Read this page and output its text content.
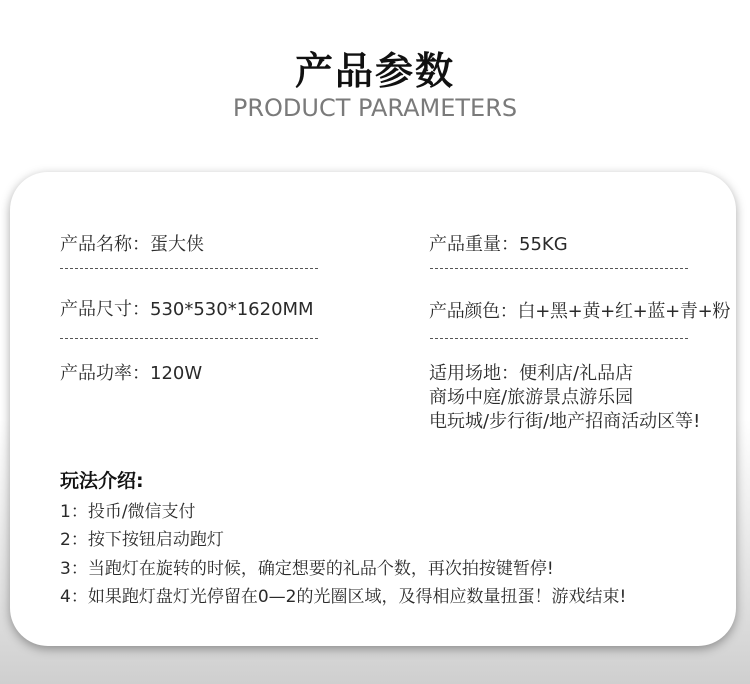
产品参数
PRODUCT PARAMETERS
产品名称：蛋大侠	产品重量：55KG
产品尺寸：530*530*1620MM	产品颜色：白+黑+黄+红+蓝+青+粉
产品功率：120W	适用场地：便利店/礼品店
商场中庭/旅游景点游乐园
电玩城/步行街/地产招商活动区等!
玩法介绍:
1：投币/微信支付
2：按下按钮启动跑灯
3：当跑灯在旋转的时候，确定想要的礼品个数，再次拍按键暂停!
4：如果跑灯盘灯光停留在0—2的光圈区域，及得相应数量扭蛋！游戏结束!
